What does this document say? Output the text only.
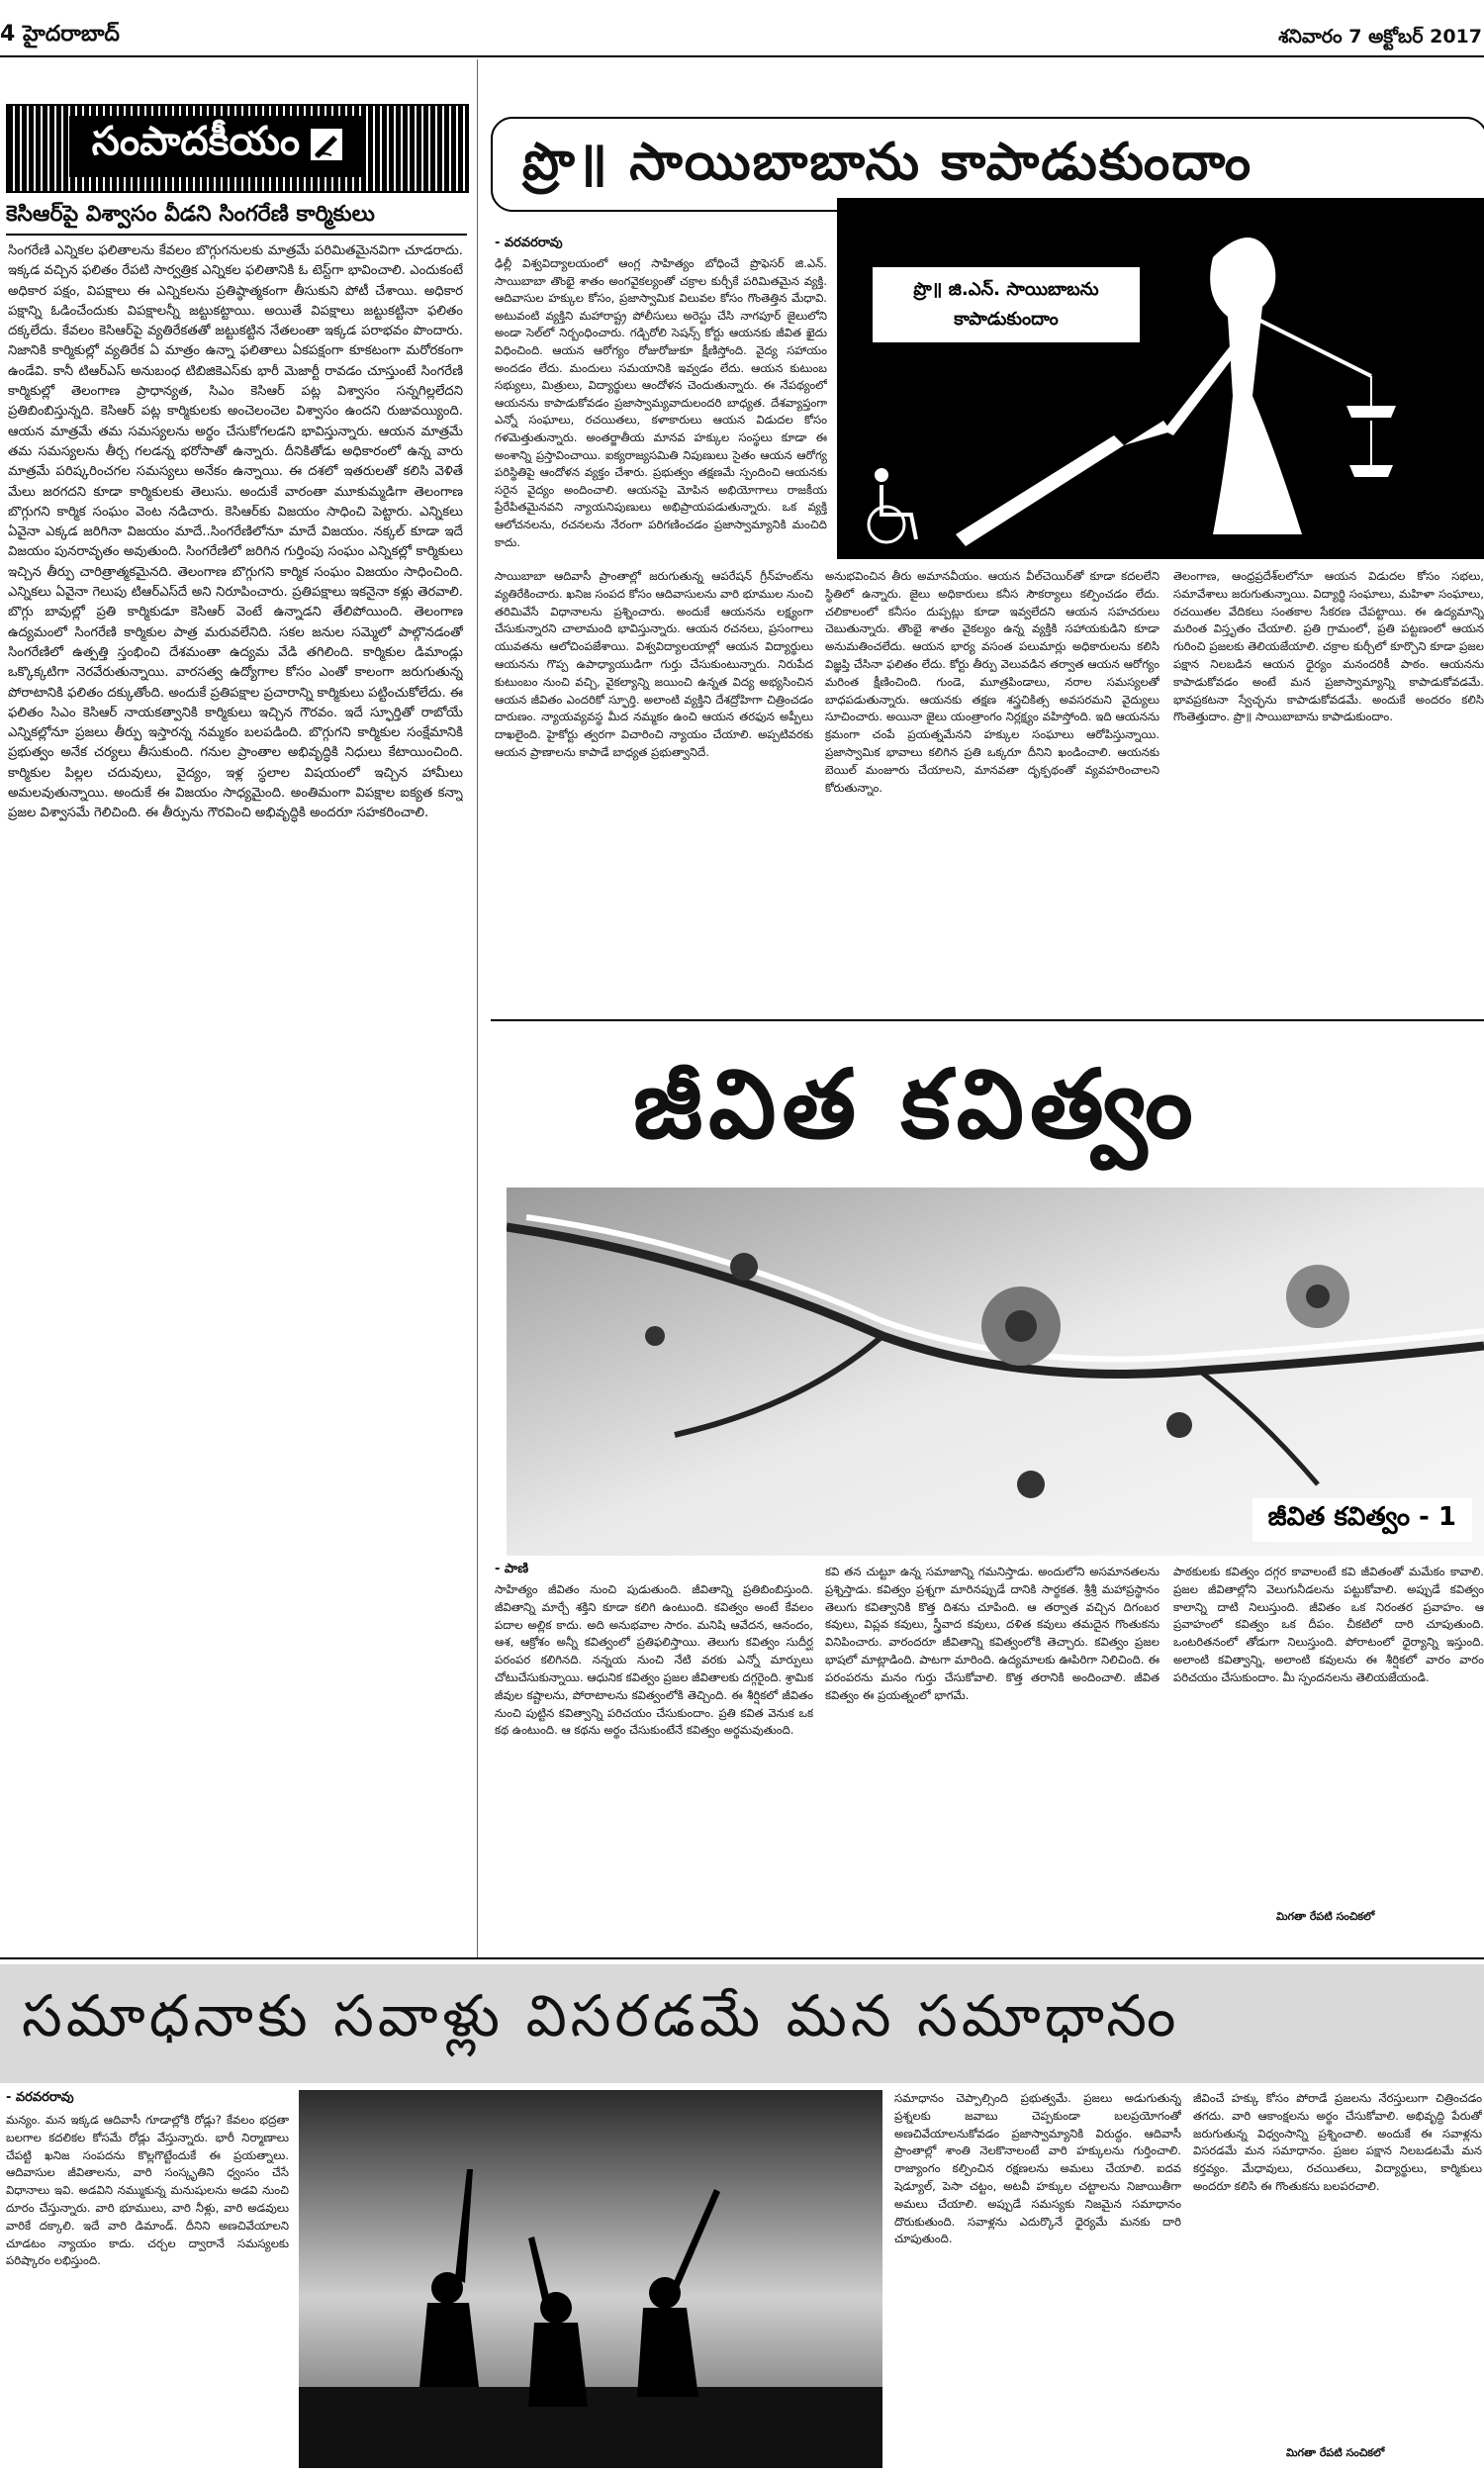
4 హైదరాబాద్	శనివారం 7 అక్టోబర్ 2017
సంపాదకీయం
కెసిఆర్‌పై విశ్వాసం వీడని సింగరేణి కార్మికులు
సింగరేణి ఎన్నికల ఫలితాలను కేవలం బొగ్గుగనులకు మాత్రమే పరిమితమైనవిగా చూడరాదు. ఇక్కడ వచ్చిన ఫలితం రేపటి సార్వత్రిక ఎన్నికల ఫలితానికి ఓ టెస్ట్‌గా భావించాలి. ఎందుకంటే అధికార పక్షం, విపక్షాలు ఈ ఎన్నికలను ప్రతిష్ఠాత్మకంగా తీసుకుని పోటీ చేశాయి. అధికార పక్షాన్ని ఓడించేందుకు విపక్షాలన్నీ జట్టుకట్టాయి. అయితే విపక్షాలు జట్టుకట్టినా ఫలితం దక్కలేదు. కేవలం కెసిఆర్‌పై వ్యతిరేకతతో జట్టుకట్టిన నేతలంతా ఇక్కడ పరాభవం పొందారు. నిజానికి కార్మికుల్లో వ్యతిరేక ఏ మాత్రం ఉన్నా ఫలితాలు ఏకపక్షంగా కూకటంగా మరోరకంగా ఉండేవి. కానీ టిఆర్‌ఎస్ అనుబంధ టిబిజికెఎస్‌కు భారీ మెజార్టీ రావడం చూస్తుంటే సింగరేణి కార్మికుల్లో తెలంగాణ ప్రాధాన్యత, సిఎం కెసిఆర్ పట్ల విశ్వాసం సన్నగిల్లలేదని ప్రతిబింబిస్తున్నది. కెసిఆర్ పట్ల కార్మికులకు అంచెలంచెల విశ్వాసం ఉందని రుజువయ్యింది. ఆయన మాత్రమే తమ సమస్యలను అర్థం చేసుకోగలడని భావిస్తున్నారు. ఆయన మాత్రమే తమ సమస్యలను తీర్చ గలడన్న భరోసాతో ఉన్నారు. దీనికితోడు అధికారంలో ఉన్న వారు మాత్రమే పరిష్కరించగల సమస్యలు అనేకం ఉన్నాయి. ఈ దశలో ఇతరులతో కలిసి వెళితే మేలు జరగదని కూడా కార్మికులకు తెలుసు. అందుకే వారంతా మూకుమ్మడిగా తెలంగాణ బొగ్గుగని కార్మిక సంఘం వెంట నడిచారు. కెసిఆర్‌కు విజయం సాధించి పెట్టారు. ఎన్నికలు ఏవైనా ఎక్కడ జరిగినా విజయం మాదే..సింగరేణిలోనూ మాదే విజయం. నక్కల్‌ కూడా ఇదే విజయం పునరావృతం అవుతుంది. సింగరేణిలో జరిగిన గుర్తింపు సంఘం ఎన్నికల్లో కార్మికులు ఇచ్చిన తీర్పు చారిత్రాత్మకమైనది. తెలంగాణ బొగ్గుగని కార్మిక సంఘం విజయం సాధించింది. ఎన్నికలు ఏవైనా గెలుపు టిఆర్‌ఎస్‌దే అని నిరూపించారు. ప్రతిపక్షాలు ఇకనైనా కళ్లు తెరవాలి. బొగ్గు బావుల్లో ప్రతి కార్మికుడూ కెసిఆర్ వెంటే ఉన్నాడని తేలిపోయింది. తెలంగాణ ఉద్యమంలో సింగరేణి కార్మికుల పాత్ర మరువలేనిది. సకల జనుల సమ్మెలో పాల్గొనడంతో సింగరేణిలో ఉత్పత్తి స్తంభించి దేశమంతా ఉద్యమ వేడి తగిలింది. కార్మికుల డిమాండ్లు ఒక్కొక్కటిగా నెరవేరుతున్నాయి. వారసత్వ ఉద్యోగాల కోసం ఎంతో కాలంగా జరుగుతున్న పోరాటానికి ఫలితం దక్కుతోంది. అందుకే ప్రతిపక్షాల ప్రచారాన్ని కార్మికులు పట్టించుకోలేదు. ఈ ఫలితం సిఎం కెసిఆర్ నాయకత్వానికి కార్మికులు ఇచ్చిన గౌరవం. ఇదే స్ఫూర్తితో రాబోయే ఎన్నికల్లోనూ ప్రజలు తీర్పు ఇస్తారన్న నమ్మకం బలపడింది. బొగ్గుగని కార్మికుల సంక్షేమానికి ప్రభుత్వం అనేక చర్యలు తీసుకుంది. గనుల ప్రాంతాల అభివృద్ధికి నిధులు కేటాయించింది. కార్మికుల పిల్లల చదువులు, వైద్యం, ఇళ్ల స్థలాల విషయంలో ఇచ్చిన హామీలు అమలవుతున్నాయి. అందుకే ఈ విజయం సాధ్యమైంది. అంతిమంగా విపక్షాల ఐక్యత కన్నా ప్రజల విశ్వాసమే గెలిచింది. ఈ తీర్పును గౌరవించి అభివృద్ధికి అందరూ సహకరించాలి.
ప్రొ॥ సాయిబాబాను కాపాడుకుందాం
- వరవరరావు
ఢిల్లీ విశ్వవిద్యాలయంలో ఆంగ్ల సాహిత్యం బోధించే ప్రొఫెసర్ జి.ఎన్. సాయిబాబా తొంభై శాతం అంగవైకల్యంతో చక్రాల కుర్చీకే పరిమితమైన వ్యక్తి. ఆదివాసుల హక్కుల కోసం, ప్రజాస్వామిక విలువల కోసం గొంతెత్తిన మేధావి. అటువంటి వ్యక్తిని మహారాష్ట్ర పోలీసులు అరెస్టు చేసి నాగపూర్ జైలులోని అండా సెల్‌లో నిర్బంధించారు. గడ్చిరోలి సెషన్స్ కోర్టు ఆయనకు జీవిత ఖైదు విధించింది. ఆయన ఆరోగ్యం రోజురోజుకూ క్షీణిస్తోంది. వైద్య సహాయం అందడం లేదు. మందులు సమయానికి ఇవ్వడం లేదు. ఆయన కుటుంబ సభ్యులు, మిత్రులు, విద్యార్థులు ఆందోళన చెందుతున్నారు. ఈ నేపథ్యంలో ఆయనను కాపాడుకోవడం ప్రజాస్వామ్యవాదులందరి బాధ్యత. దేశవ్యాప్తంగా ఎన్నో సంఘాలు, రచయితలు, కళాకారులు ఆయన విడుదల కోసం గళమెత్తుతున్నారు. అంతర్జాతీయ మానవ హక్కుల సంస్థలు కూడా ఈ అంశాన్ని ప్రస్తావించాయి. ఐక్యరాజ్యసమితి నిపుణులు సైతం ఆయన ఆరోగ్య పరిస్థితిపై ఆందోళన వ్యక్తం చేశారు. ప్రభుత్వం తక్షణమే స్పందించి ఆయనకు సరైన వైద్యం అందించాలి. ఆయనపై మోపిన అభియోగాలు రాజకీయ ప్రేరేపితమైనవని న్యాయనిపుణులు అభిప్రాయపడుతున్నారు. ఒక వ్యక్తి ఆలోచనలను, రచనలను నేరంగా పరిగణించడం ప్రజాస్వామ్యానికి మంచిది కాదు.
ప్రొ॥ జి.ఎన్. సాయిబాబను కాపాడుకుందాం
అనుభవించిన తీరు అమానవీయం. ఆయన వీల్‌చెయిర్‌తో కూడా కదలలేని స్థితిలో ఉన్నారు. జైలు అధికారులు కనీస సౌకర్యాలు కల్పించడం లేదు. చలికాలంలో కనీసం దుప్పట్లు కూడా ఇవ్వలేదని ఆయన సహచరులు చెబుతున్నారు. తొంభై శాతం వైకల్యం ఉన్న వ్యక్తికి సహాయకుడిని కూడా అనుమతించలేదు. ఆయన భార్య వసంత పలుమార్లు అధికారులను కలిసి విజ్ఞప్తి చేసినా ఫలితం లేదు. కోర్టు తీర్పు వెలువడిన తర్వాత ఆయన ఆరోగ్యం మరింత క్షీణించింది. గుండె, మూత్రపిండాలు, నరాల సమస్యలతో బాధపడుతున్నారు. ఆయనకు తక్షణ శస్త్రచికిత్స అవసరమని వైద్యులు సూచించారు. అయినా జైలు యంత్రాంగం నిర్లక్ష్యం వహిస్తోంది. ఇది ఆయనను క్రమంగా చంపే ప్రయత్నమేనని హక్కుల సంఘాలు ఆరోపిస్తున్నాయి. ప్రజాస్వామిక భావాలు కలిగిన ప్రతి ఒక్కరూ దీనిని ఖండించాలి. ఆయనకు బెయిల్ మంజూరు చేయాలని, మానవతా దృక్పథంతో వ్యవహరించాలని కోరుతున్నాం.
సాయిబాబా ఆదివాసీ ప్రాంతాల్లో జరుగుతున్న ఆపరేషన్ గ్రీన్‌హంట్‌ను వ్యతిరేకించారు. ఖనిజ సంపద కోసం ఆదివాసులను వారి భూముల నుంచి తరిమివేసే విధానాలను ప్రశ్నించారు. అందుకే ఆయనను లక్ష్యంగా చేసుకున్నారని చాలామంది భావిస్తున్నారు. ఆయన రచనలు, ప్రసంగాలు యువతను ఆలోచింపజేశాయి. విశ్వవిద్యాలయాల్లో ఆయన విద్యార్థులు ఆయనను గొప్ప ఉపాధ్యాయుడిగా గుర్తు చేసుకుంటున్నారు. నిరుపేద కుటుంబం నుంచి వచ్చి, వైకల్యాన్ని జయించి ఉన్నత విద్య అభ్యసించిన ఆయన జీవితం ఎందరికో స్ఫూర్తి. అలాంటి వ్యక్తిని దేశద్రోహిగా చిత్రించడం దారుణం. న్యాయవ్యవస్థ మీద నమ్మకం ఉంచి ఆయన తరఫున అప్పీలు దాఖలైంది. హైకోర్టు త్వరగా విచారించి న్యాయం చేయాలి. అప్పటివరకు ఆయన ప్రాణాలను కాపాడే బాధ్యత ప్రభుత్వానిదే.
తెలంగాణ, ఆంధ్రప్రదేశ్‌లలోనూ ఆయన విడుదల కోసం సభలు, సమావేశాలు జరుగుతున్నాయి. విద్యార్థి సంఘాలు, మహిళా సంఘాలు, రచయితల వేదికలు సంతకాల సేకరణ చేపట్టాయి. ఈ ఉద్యమాన్ని మరింత విస్తృతం చేయాలి. ప్రతి గ్రామంలో, ప్రతి పట్టణంలో ఆయన గురించి ప్రజలకు తెలియజేయాలి. చక్రాల కుర్చీలో కూర్చొని కూడా ప్రజల పక్షాన నిలబడిన ఆయన ధైర్యం మనందరికీ పాఠం. ఆయనను కాపాడుకోవడం అంటే మన ప్రజాస్వామ్యాన్ని కాపాడుకోవడమే. భావప్రకటనా స్వేచ్ఛను కాపాడుకోవడమే. అందుకే అందరం కలిసి గొంతెత్తుదాం. ప్రొ॥ సాయిబాబాను కాపాడుకుందాం.
జీవిత కవిత్వం
జీవిత కవిత్వం - 1
- పాణి
సాహిత్యం జీవితం నుంచి పుడుతుంది. జీవితాన్ని ప్రతిబింబిస్తుంది. జీవితాన్ని మార్చే శక్తిని కూడా కలిగి ఉంటుంది. కవిత్వం అంటే కేవలం పదాల అల్లిక కాదు. అది అనుభవాల సారం. మనిషి ఆవేదన, ఆనందం, ఆశ, ఆక్రోశం అన్నీ కవిత్వంలో ప్రతిఫలిస్తాయి. తెలుగు కవిత్వం సుదీర్ఘ పరంపర కలిగినది. నన్నయ నుంచి నేటి వరకు ఎన్నో మార్పులు చోటుచేసుకున్నాయి. ఆధునిక కవిత్వం ప్రజల జీవితాలకు దగ్గరైంది. శ్రామిక జీవుల కష్టాలను, పోరాటాలను కవిత్వంలోకి తెచ్చింది. ఈ శీర్షికలో జీవితం నుంచి పుట్టిన కవిత్వాన్ని పరిచయం చేసుకుందాం. ప్రతి కవిత వెనుక ఒక కథ ఉంటుంది. ఆ కథను అర్థం చేసుకుంటేనే కవిత్వం అర్థమవుతుంది.
కవి తన చుట్టూ ఉన్న సమాజాన్ని గమనిస్తాడు. అందులోని అసమానతలను ప్రశ్నిస్తాడు. కవిత్వం ప్రశ్నగా మారినప్పుడే దానికి సార్థకత. శ్రీశ్రీ మహాప్రస్థానం తెలుగు కవిత్వానికి కొత్త దిశను చూపింది. ఆ తర్వాత వచ్చిన దిగంబర కవులు, విప్లవ కవులు, స్త్రీవాద కవులు, దళిత కవులు తమదైన గొంతుకను వినిపించారు. వారందరూ జీవితాన్ని కవిత్వంలోకి తెచ్చారు. కవిత్వం ప్రజల భాషలో మాట్లాడింది. పాటగా మారింది. ఉద్యమాలకు ఊపిరిగా నిలిచింది. ఈ పరంపరను మనం గుర్తు చేసుకోవాలి. కొత్త తరానికి అందించాలి. జీవిత కవిత్వం ఈ ప్రయత్నంలో భాగమే.
పాఠకులకు కవిత్వం దగ్గర కావాలంటే కవి జీవితంతో మమేకం కావాలి. ప్రజల జీవితాల్లోని వెలుగునీడలను పట్టుకోవాలి. అప్పుడే కవిత్వం కాలాన్ని దాటి నిలుస్తుంది. జీవితం ఒక నిరంతర ప్రవాహం. ఆ ప్రవాహంలో కవిత్వం ఒక దీపం. చీకటిలో దారి చూపుతుంది. ఒంటరితనంలో తోడుగా నిలుస్తుంది. పోరాటంలో ధైర్యాన్ని ఇస్తుంది. అలాంటి కవిత్వాన్ని, అలాంటి కవులను ఈ శీర్షికలో వారం వారం పరిచయం చేసుకుందాం. మీ స్పందనలను తెలియజేయండి.
మిగతా రేపటి సంచికలో
సమాధనాకు సవాళ్లు విసరడమే మన సమాధానం
- వరవరరావు
మన్యం. మన ఇక్కడ ఆదివాసీ గూడాల్లోకి రోడ్లు? కేవలం భద్రతా బలగాల కదలికల కోసమే రోడ్లు వేస్తున్నారు. భారీ నిర్మాణాలు చేపట్టి ఖనిజ సంపదను కొల్లగొట్టేందుకే ఈ ప్రయత్నాలు. ఆదివాసుల జీవితాలను, వారి సంస్కృతిని ధ్వంసం చేసే విధానాలు ఇవి. అడవిని నమ్ముకున్న మనుషులను అడవి నుంచి దూరం చేస్తున్నారు. వారి భూములు, వారి నీళ్లు, వారి అడవులు వారికే దక్కాలి. ఇదే వారి డిమాండ్. దీనిని అణచివేయాలని చూడటం న్యాయం కాదు. చర్చల ద్వారానే సమస్యలకు పరిష్కారం లభిస్తుంది.
సమాధానం చెప్పాల్సింది ప్రభుత్వమే. ప్రజలు అడుగుతున్న ప్రశ్నలకు జవాబు చెప్పకుండా బలప్రయోగంతో అణచివేయాలనుకోవడం ప్రజాస్వామ్యానికి విరుద్ధం. ఆదివాసీ ప్రాంతాల్లో శాంతి నెలకొనాలంటే వారి హక్కులను గుర్తించాలి. రాజ్యాంగం కల్పించిన రక్షణలను అమలు చేయాలి. ఐదవ షెడ్యూల్, పెసా చట్టం, అటవీ హక్కుల చట్టాలను నిజాయితీగా అమలు చేయాలి. అప్పుడే సమస్యకు నిజమైన సమాధానం దొరుకుతుంది. సవాళ్లను ఎదుర్కొనే ధైర్యమే మనకు దారి చూపుతుంది.
జీవించే హక్కు కోసం పోరాడే ప్రజలను నేరస్తులుగా చిత్రించడం తగదు. వారి ఆకాంక్షలను అర్థం చేసుకోవాలి. అభివృద్ధి పేరుతో జరుగుతున్న విధ్వంసాన్ని ప్రశ్నించాలి. అందుకే ఈ సవాళ్లను విసరడమే మన సమాధానం. ప్రజల పక్షాన నిలబడటమే మన కర్తవ్యం. మేధావులు, రచయితలు, విద్యార్థులు, కార్మికులు అందరూ కలిసి ఈ గొంతుకను బలపరచాలి.
మిగతా రేపటి సంచికలో
